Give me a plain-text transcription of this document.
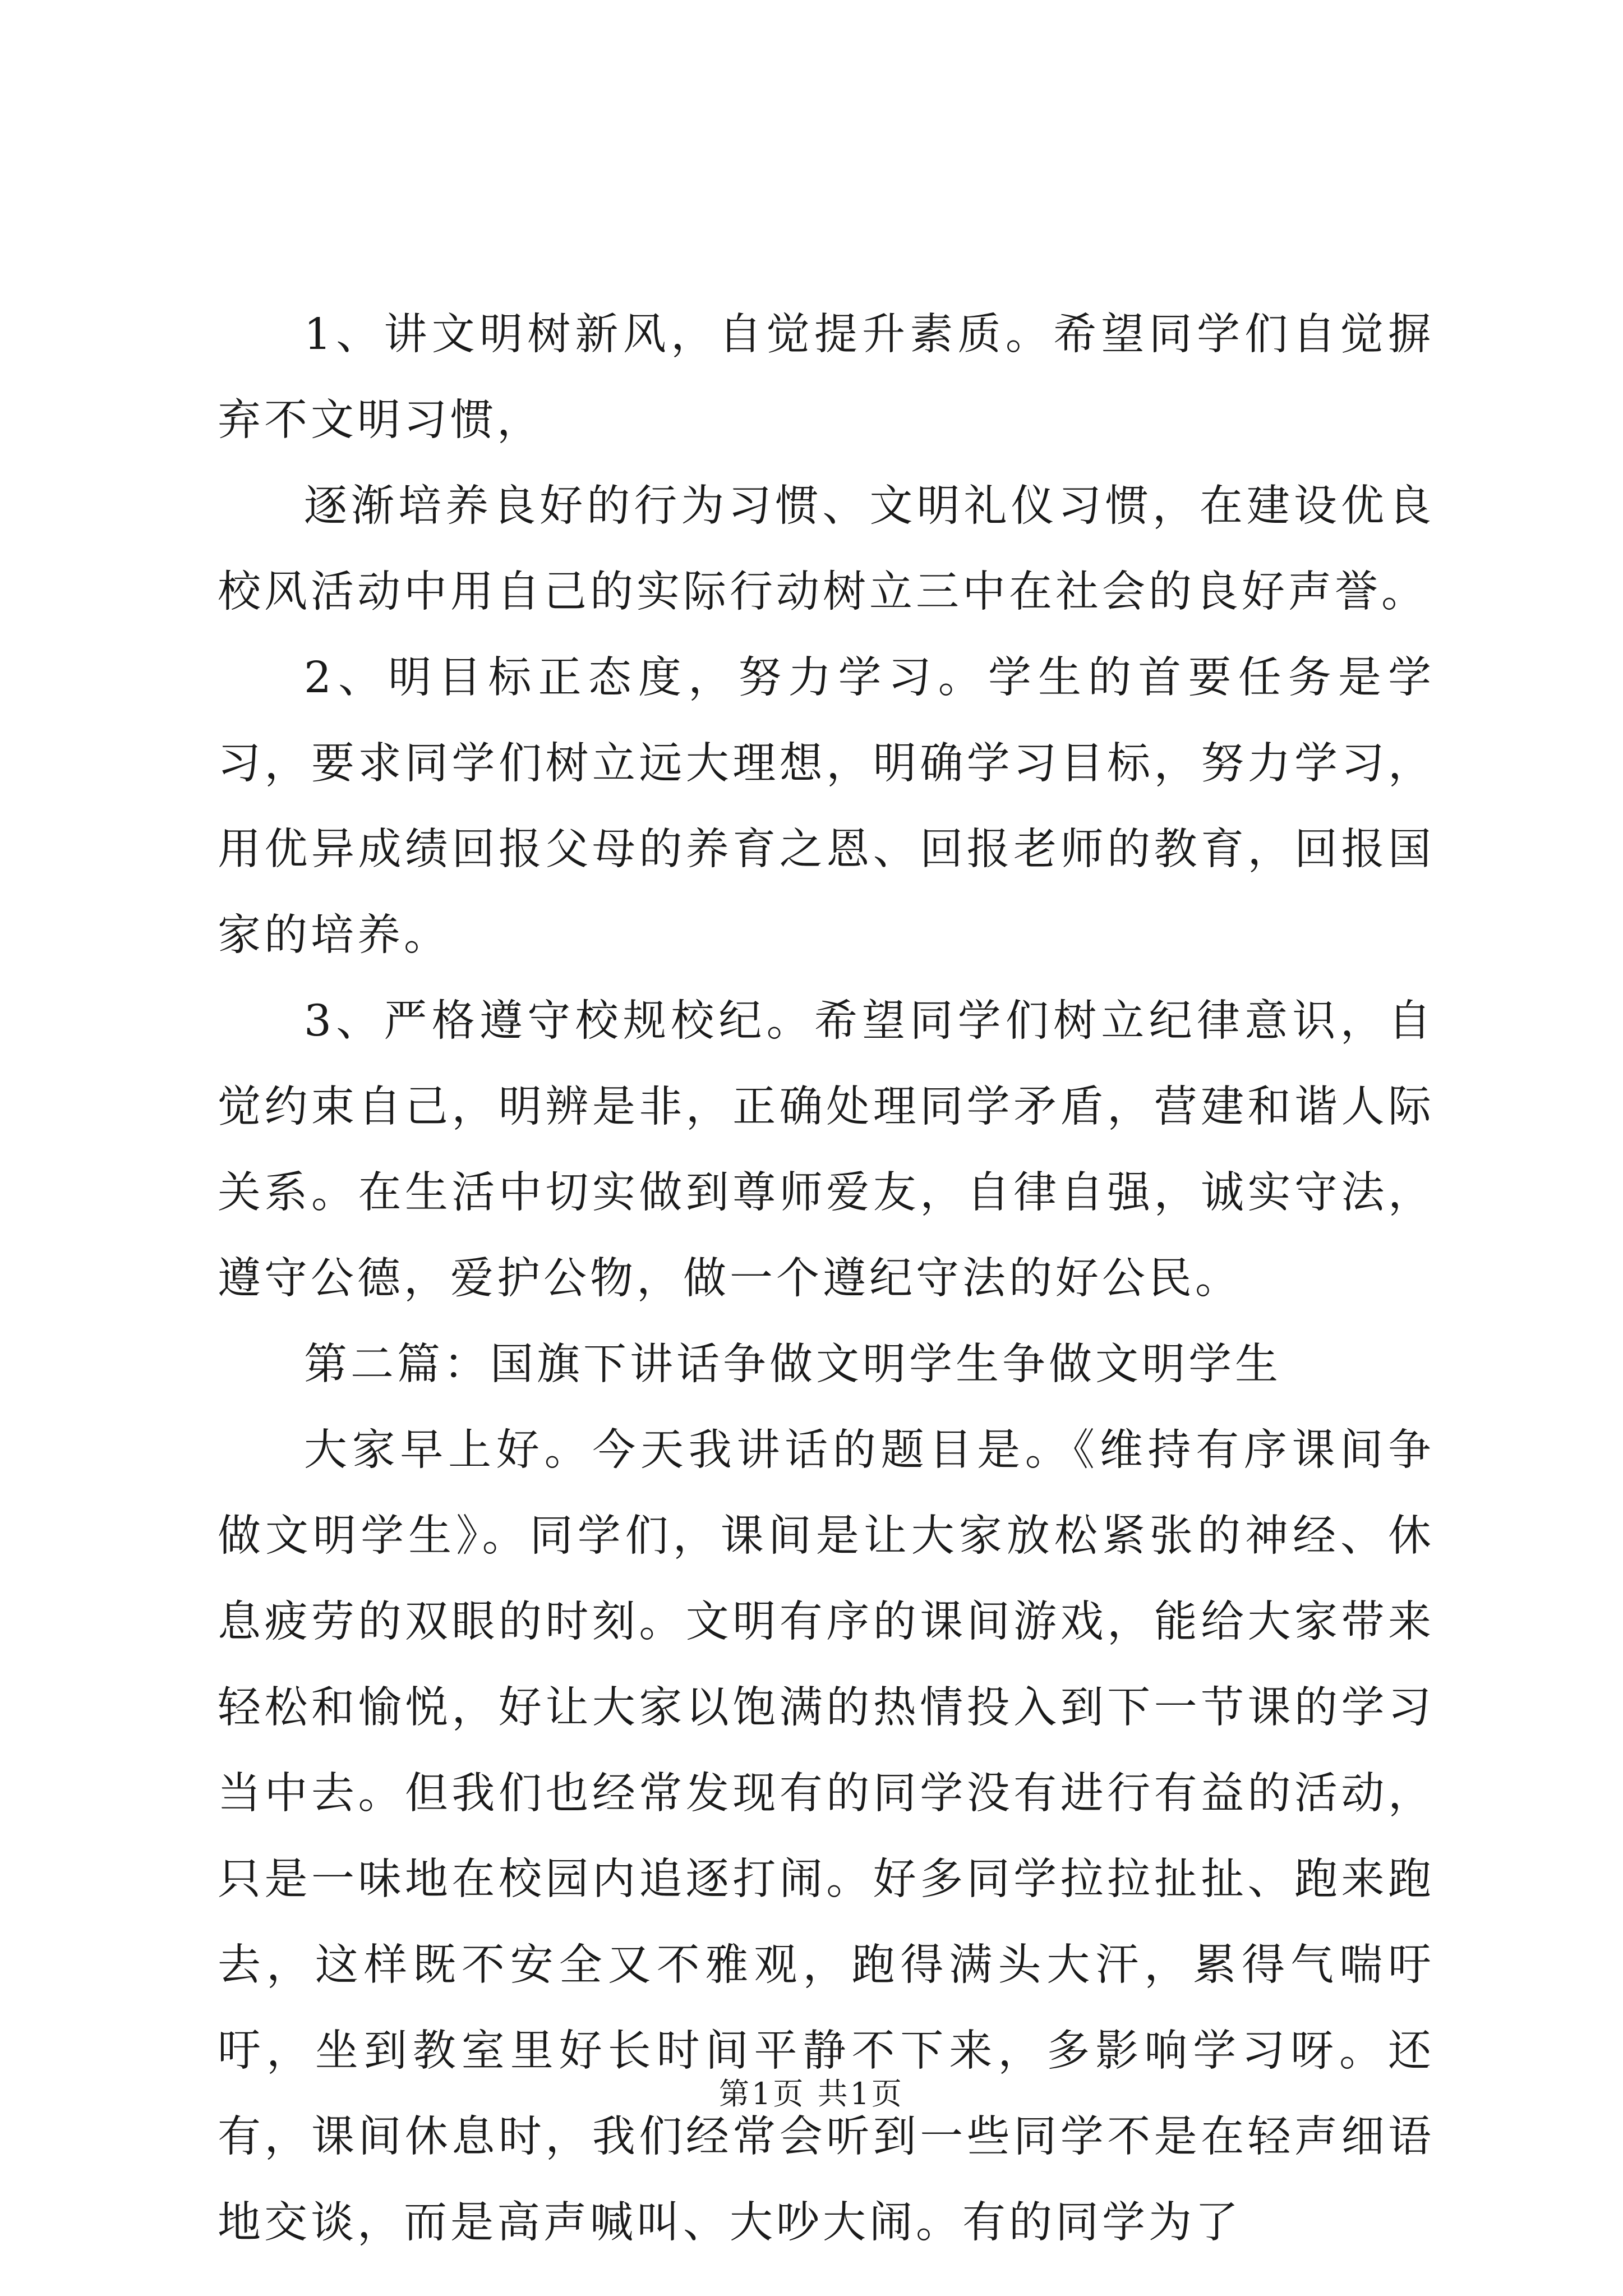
1、讲文明树新风，自觉提升素质。希望同学们自觉摒弃不文明习惯，

逐渐培养良好的行为习惯、文明礼仪习惯，在建设优良校风活动中用自己的实际行动树立三中在社会的良好声誉。

2、明目标正态度，努力学习。学生的首要任务是学习，要求同学们树立远大理想，明确学习目标，努力学习，用优异成绩回报父母的养育之恩、回报老师的教育，回报国家的培养。

3、严格遵守校规校纪。希望同学们树立纪律意识，自觉约束自己，明辨是非，正确处理同学矛盾，营建和谐人际关系。在生活中切实做到尊师爱友，自律自强，诚实守法，遵守公德，爱护公物，做一个遵纪守法的好公民。

第二篇：国旗下讲话争做文明学生争做文明学生

大家早上好。今天我讲话的题目是。《维持有序课间争做文明学生》。同学们，课间是让大家放松紧张的神经、休息疲劳的双眼的时刻。文明有序的课间游戏，能给大家带来轻松和愉悦，好让大家以饱满的热情投入到下一节课的学习当中去。但我们也经常发现有的同学没有进行有益的活动，只是一味地在校园内追逐打闹。好多同学拉拉扯扯、跑来跑去，这样既不安全又不雅观，跑得满头大汗，累得气喘吁吁，坐到教室里好长时间平静不下来，多影响学习呀。还有，课间休息时，我们经常会听到一些同学不是在轻声细语地交谈，而是高声喊叫、大吵大闹。有的同学为了

第1页 共1页
